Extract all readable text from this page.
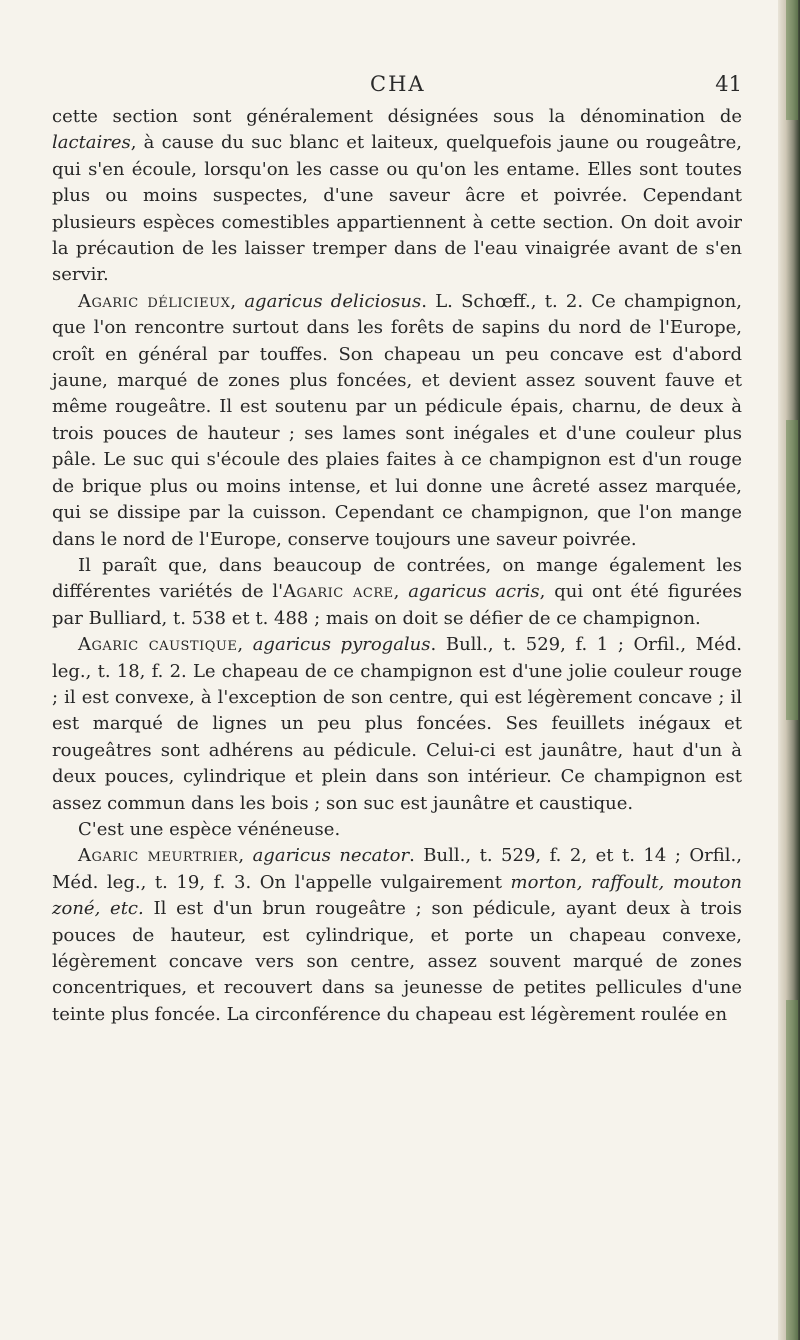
CHA	41

cette section sont généralement désignées sous la dénomination de lactaires, à cause du suc blanc et laiteux, quelquefois jaune ou rougeâtre, qui s'en écoule, lorsqu'on les casse ou qu'on les entame. Elles sont toutes plus ou moins suspectes, d'une saveur âcre et poivrée. Cependant plusieurs espèces comestibles appartiennent à cette section. On doit avoir la précaution de les laisser tremper dans de l'eau vinaigrée avant de s'en servir.

Agaric délicieux, agaricus deliciosus. L. Schœff., t. 2. Ce champignon, que l'on rencontre surtout dans les forêts de sapins du nord de l'Europe, croît en général par touffes. Son chapeau un peu concave est d'abord jaune, marqué de zones plus foncées, et devient assez souvent fauve et même rougeâtre. Il est soutenu par un pédicule épais, charnu, de deux à trois pouces de hauteur ; ses lames sont inégales et d'une couleur plus pâle. Le suc qui s'écoule des plaies faites à ce champignon est d'un rouge de brique plus ou moins intense, et lui donne une âcreté assez marquée, qui se dissipe par la cuisson. Cependant ce champignon, que l'on mange dans le nord de l'Europe, conserve toujours une saveur poivrée.

Il paraît que, dans beaucoup de contrées, on mange également les différentes variétés de l'Agaric acre, agaricus acris, qui ont été figurées par Bulliard, t. 538 et t. 488 ; mais on doit se défier de ce champignon.

Agaric caustique, agaricus pyrogalus. Bull., t. 529, f. 1 ; Orfil., Méd. leg., t. 18, f. 2. Le chapeau de ce champignon est d'une jolie couleur rouge ; il est convexe, à l'exception de son centre, qui est légèrement concave ; il est marqué de lignes un peu plus foncées. Ses feuillets inégaux et rougeâtres sont adhérens au pédicule. Celui-ci est jaunâtre, haut d'un à deux pouces, cylindrique et plein dans son intérieur. Ce champignon est assez commun dans les bois ; son suc est jaunâtre et caustique.

C'est une espèce vénéneuse.

Agaric meurtrier, agaricus necator. Bull., t. 529, f. 2, et t. 14 ; Orfil., Méd. leg., t. 19, f. 3. On l'appelle vulgairement morton, raffoult, mouton zoné, etc. Il est d'un brun rougeâtre ; son pédicule, ayant deux à trois pouces de hauteur, est cylindrique, et porte un chapeau convexe, légèrement concave vers son centre, assez souvent marqué de zones concentriques, et recouvert dans sa jeunesse de petites pellicules d'une teinte plus foncée. La circonférence du chapeau est légèrement roulée en
